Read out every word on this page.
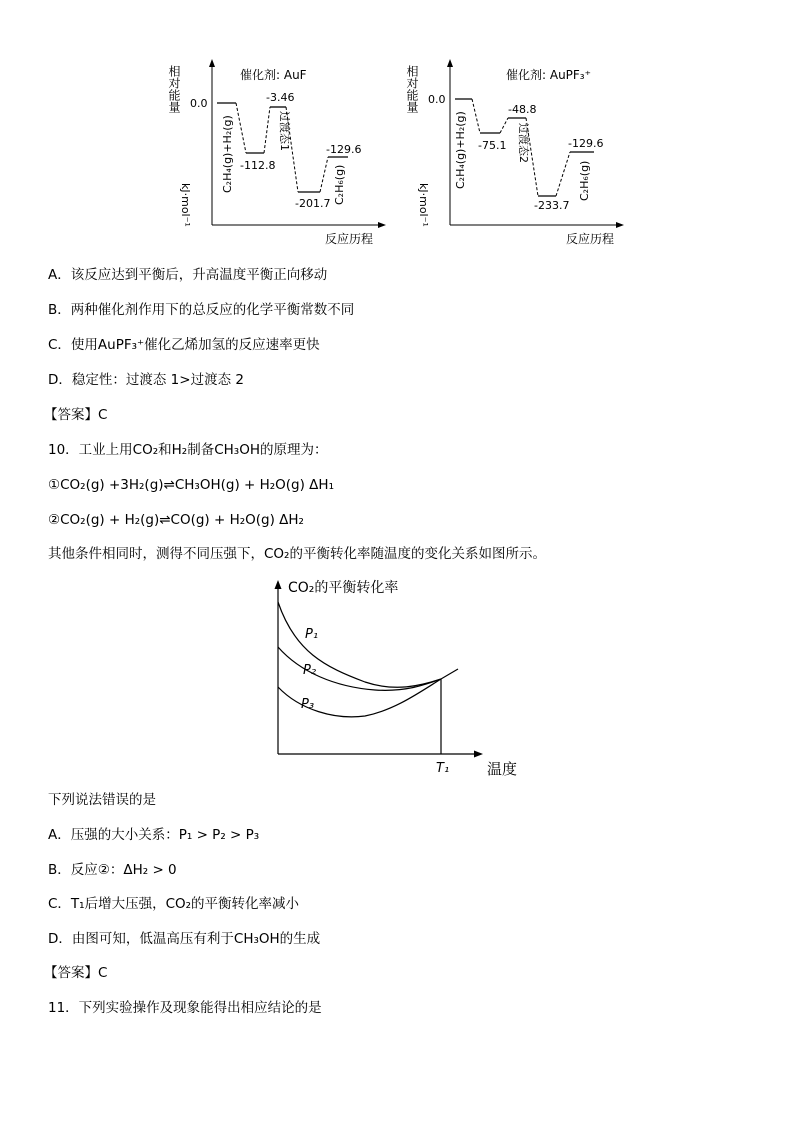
相对能量
kJ·mol⁻¹
催化剂: AuF
0.0
C₂H₄(g)+H₂(g) -112.8
-3.46
过渡态1
-201.7
-129.6
C₂H₆(g)
反应历程
相对能量
kJ·mol⁻¹
催化剂: AuPF₃⁺
0.0
C₂H₄(g)+H₂(g) -75.1
-48.8
过渡态2
-233.7
-129.6
C₂H₆(g)
反应历程
A．该反应达到平衡后，升高温度平衡正向移动
B．两种催化剂作用下的总反应的化学平衡常数不同
C．使用AuPF₃⁺催化乙烯加氢的反应速率更快
D．稳定性：过渡态 1>过渡态 2
【答案】C
10．工业上用CO₂和H₂制备CH₃OH的原理为：
①CO₂(g) +3H₂(g)⇌CH₃OH(g) + H₂O(g) ΔH₁
②CO₂(g) + H₂(g)⇌CO(g) + H₂O(g) ΔH₂
其他条件相同时，测得不同压强下，CO₂的平衡转化率随温度的变化关系如图所示。
CO₂的平衡转化率
P₁
P₂
P₃
T₁	温度
下列说法错误的是
A．压强的大小关系：P₁ > P₂ > P₃
B．反应②：ΔH₂ > 0
C．T₁后增大压强，CO₂的平衡转化率减小
D．由图可知，低温高压有利于CH₃OH的生成
【答案】C
11．下列实验操作及现象能得出相应结论的是
